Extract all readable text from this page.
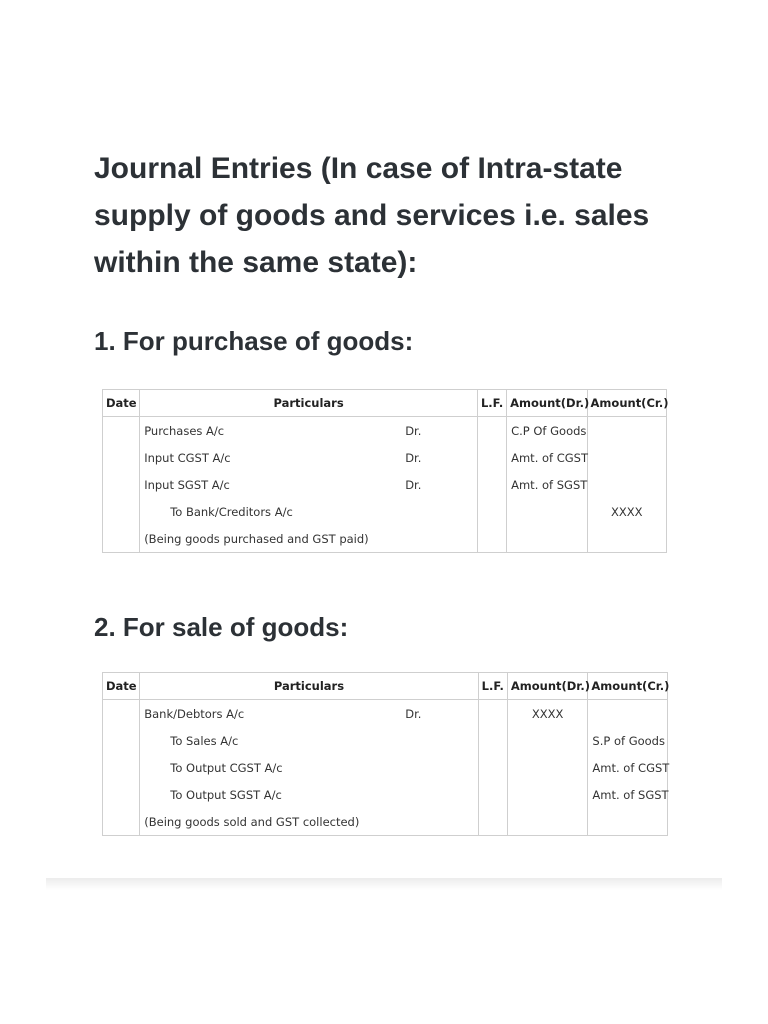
Journal Entries (In case of Intra-state supply of goods and services i.e. sales within the same state):
1. For purchase of goods:
Date	Particulars	L.F.	Amount(Dr.)	Amount(Cr.)
	Purchases A/c Dr.		C.P Of Goods	
	Input CGST A/c Dr.		Amt. of CGST	
	Input SGST A/c Dr.		Amt. of SGST	
	To Bank/Creditors A/c			XXXX
	(Being goods purchased and GST paid)			
2. For sale of goods:
Date	Particulars	L.F.	Amount(Dr.)	Amount(Cr.)
	Bank/Debtors A/c Dr.		XXXX	
	To Sales A/c			S.P of Goods
	To Output CGST A/c			Amt. of CGST
	To Output SGST A/c			Amt. of SGST
	(Being goods sold and GST collected)			
